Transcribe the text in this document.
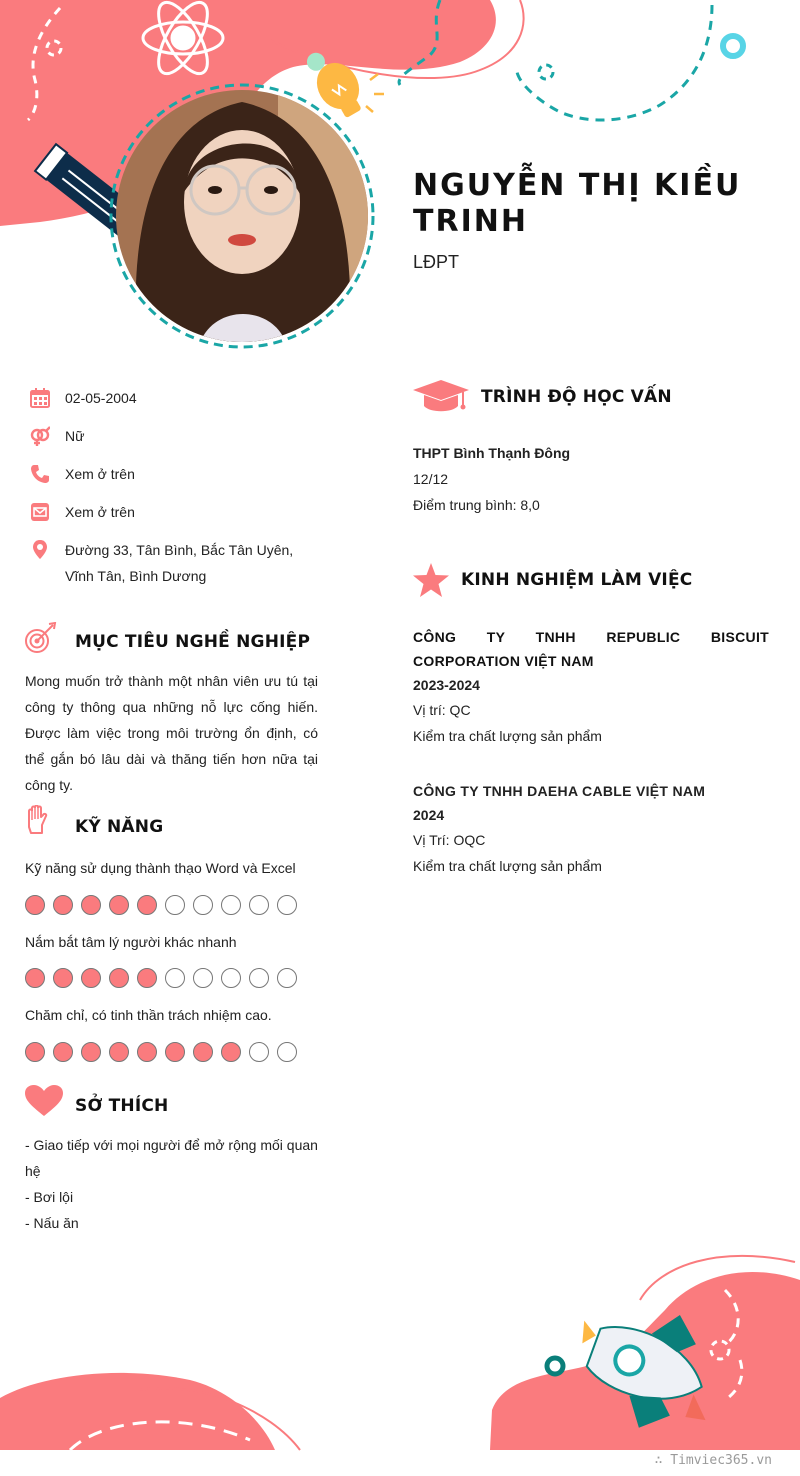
NGUYỄN THỊ KIỀU TRINH
LĐPT
02-05-2004
Nữ
Xem ở trên
Xem ở trên
Đường 33, Tân Bình, Bắc Tân Uyên, Vĩnh Tân, Bình Dương
MỤC TIÊU NGHỀ NGHIỆP
Mong muốn trở thành một nhân viên ưu tú tại công ty thông qua những nỗ lực cống hiến. Được làm việc trong môi trường ổn định, có thể gắn bó lâu dài và thăng tiến hơn nữa tại công ty.
KỸ NĂNG
Kỹ năng sử dụng thành thạo Word và Excel
Nắm bắt tâm lý người khác nhanh
Chăm chỉ, có tinh thần trách nhiệm cao.
SỞ THÍCH
- Giao tiếp với mọi người để mở rộng mối quan hệ
- Bơi lội
- Nấu ăn
TRÌNH ĐỘ HỌC VẤN
THPT Bình Thạnh Đông
12/12
Điểm trung bình: 8,0
KINH NGHIỆM LÀM VIỆC
CÔNG TY TNHH REPUBLIC BISCUIT CORPORATION VIỆT NAM
2023-2024
Vị trí: QC
Kiểm tra chất lượng sản phẩm
CÔNG TY TNHH DAEHA CABLE VIỆT NAM
2024
Vị Trí: OQC
Kiểm tra chất lượng sản phẩm
∴ Timviec365.vn
